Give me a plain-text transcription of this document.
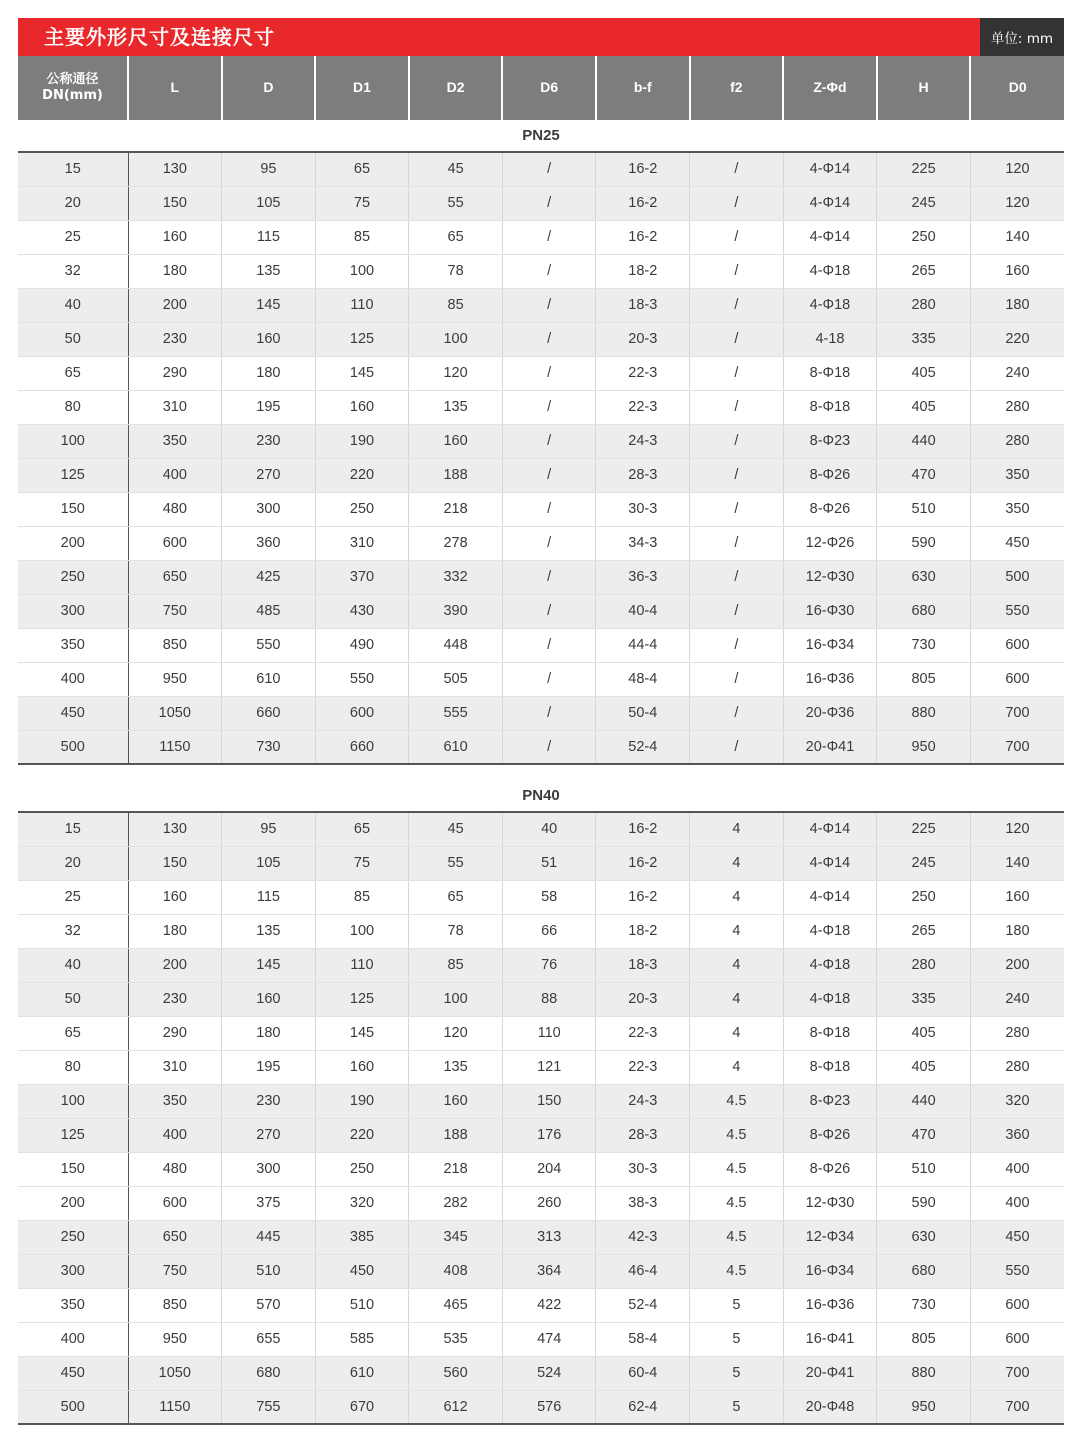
主要外形尺寸及连接尺寸	单位: mm
公称通径
DN(mm)	L	D	D1	D2	D6	b-f	f2	Z-Φd	H	D0
PN25										
15	130	95	65	45	/	16-2	/	4-Φ14	225	120
20	150	105	75	55	/	16-2	/	4-Φ14	245	120
25	160	115	85	65	/	16-2	/	4-Φ14	250	140
32	180	135	100	78	/	18-2	/	4-Φ18	265	160
40	200	145	110	85	/	18-3	/	4-Φ18	280	180
50	230	160	125	100	/	20-3	/	4-18	335	220
65	290	180	145	120	/	22-3	/	8-Φ18	405	240
80	310	195	160	135	/	22-3	/	8-Φ18	405	280
100	350	230	190	160	/	24-3	/	8-Φ23	440	280
125	400	270	220	188	/	28-3	/	8-Φ26	470	350
150	480	300	250	218	/	30-3	/	8-Φ26	510	350
200	600	360	310	278	/	34-3	/	12-Φ26	590	450
250	650	425	370	332	/	36-3	/	12-Φ30	630	500
300	750	485	430	390	/	40-4	/	16-Φ30	680	550
350	850	550	490	448	/	44-4	/	16-Φ34	730	600
400	950	610	550	505	/	48-4	/	16-Φ36	805	600
450	1050	660	600	555	/	50-4	/	20-Φ36	880	700
500	1150	730	660	610	/	52-4	/	20-Φ41	950	700

PN40										
15	130	95	65	45	40	16-2	4	4-Φ14	225	120
20	150	105	75	55	51	16-2	4	4-Φ14	245	140
25	160	115	85	65	58	16-2	4	4-Φ14	250	160
32	180	135	100	78	66	18-2	4	4-Φ18	265	180
40	200	145	110	85	76	18-3	4	4-Φ18	280	200
50	230	160	125	100	88	20-3	4	4-Φ18	335	240
65	290	180	145	120	110	22-3	4	8-Φ18	405	280
80	310	195	160	135	121	22-3	4	8-Φ18	405	280
100	350	230	190	160	150	24-3	4.5	8-Φ23	440	320
125	400	270	220	188	176	28-3	4.5	8-Φ26	470	360
150	480	300	250	218	204	30-3	4.5	8-Φ26	510	400
200	600	375	320	282	260	38-3	4.5	12-Φ30	590	400
250	650	445	385	345	313	42-3	4.5	12-Φ34	630	450
300	750	510	450	408	364	46-4	4.5	16-Φ34	680	550
350	850	570	510	465	422	52-4	5	16-Φ36	730	600
400	950	655	585	535	474	58-4	5	16-Φ41	805	600
450	1050	680	610	560	524	60-4	5	20-Φ41	880	700
500	1150	755	670	612	576	62-4	5	20-Φ48	950	700
